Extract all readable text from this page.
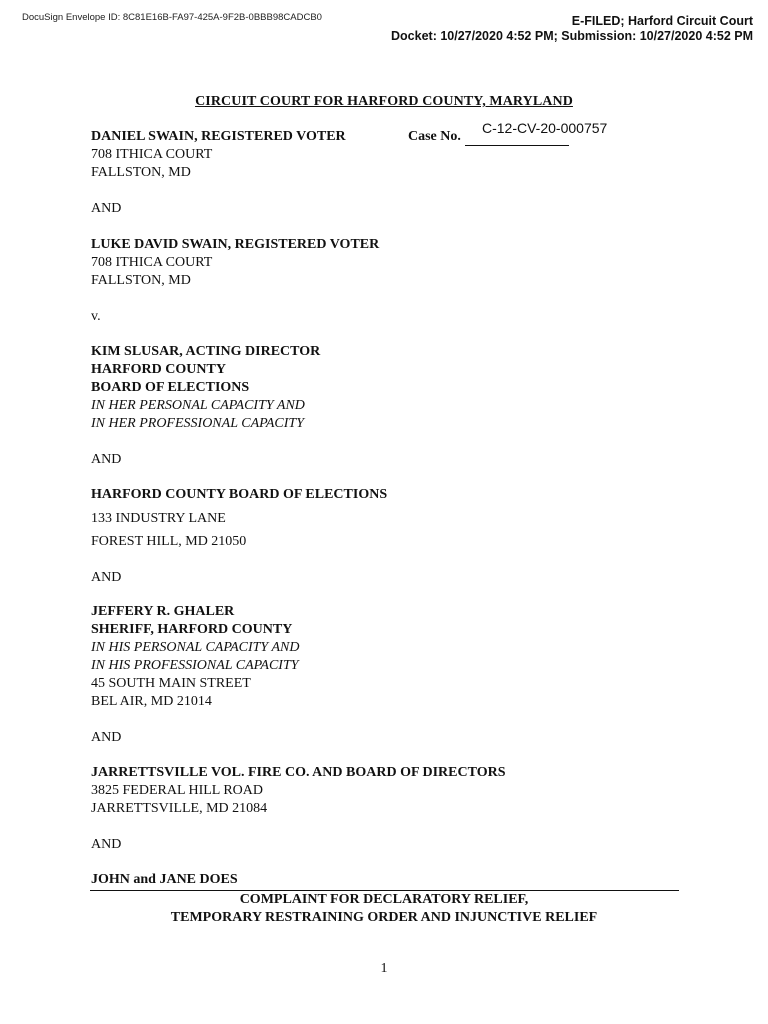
DocuSign Envelope ID: 8C81E16B-FA97-425A-9F2B-0BBB98CADCB0	E-FILED; Harford Circuit Court
Docket: 10/27/2020 4:52 PM; Submission: 10/27/2020 4:52 PM
CIRCUIT COURT FOR HARFORD COUNTY, MARYLAND
Case No.
C-12-CV-20-000757
DANIEL SWAIN, REGISTERED VOTER
708 ITHICA COURT
FALLSTON, MD
AND
LUKE DAVID SWAIN, REGISTERED VOTER
708 ITHICA COURT
FALLSTON, MD
v.
KIM SLUSAR, ACTING DIRECTOR
HARFORD COUNTY
BOARD OF ELECTIONS
IN HER PERSONAL CAPACITY AND
IN HER PROFESSIONAL CAPACITY
AND
HARFORD COUNTY BOARD OF ELECTIONS
133 INDUSTRY LANE
FOREST HILL, MD 21050
AND
JEFFERY R. GHALER
SHERIFF, HARFORD COUNTY
IN HIS PERSONAL CAPACITY AND
IN HIS PROFESSIONAL CAPACITY
45 SOUTH MAIN STREET
BEL AIR, MD 21014
AND
JARRETTSVILLE VOL. FIRE CO. AND BOARD OF DIRECTORS
3825 FEDERAL HILL ROAD
JARRETTSVILLE, MD 21084
AND
JOHN and JANE DOES
COMPLAINT FOR DECLARATORY RELIEF,
TEMPORARY RESTRAINING ORDER AND INJUNCTIVE RELIEF
1
